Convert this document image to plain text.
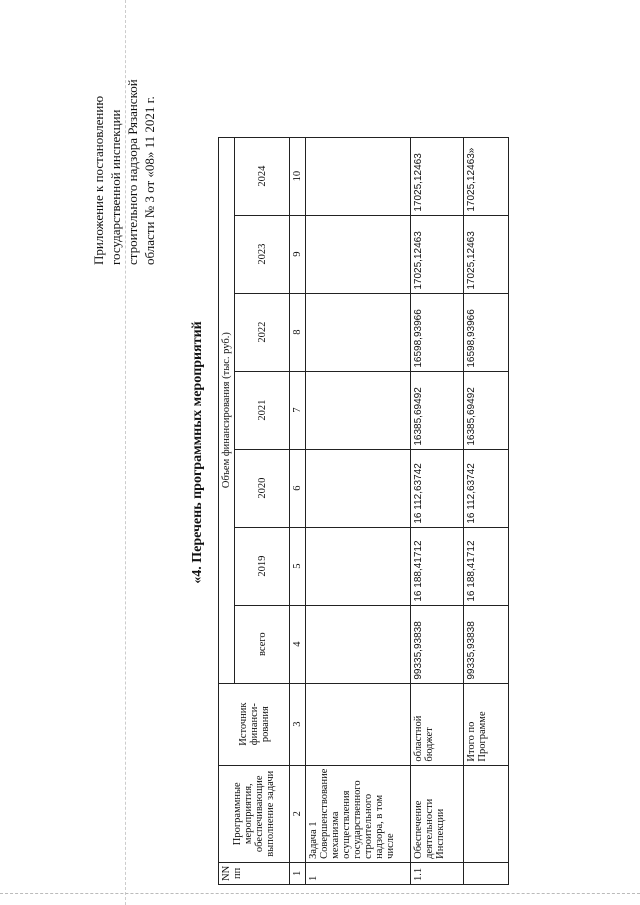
Приложение к постановлению государственной инспекции строительного надзора Рязанской области № 3 от «08» 11 2021 г.
«4. Перечень программных мероприятий
NN пп	Программные мероприятия, обеспечивающие выполнение задачи	Источник финанси- рования	Объем финансирования (тыс. руб.)						
			всего	2019	2020	2021	2022	2023	2024
1	2	3	4	5	6	7	8	9	10
1	Задача 1 Совершенствование механизма осуществления государственного строительного надзора, в том числе								
1.1	Обеспечение деятельности Инспекции	областной бюджет	99335,93838	16 188,41712	16 112,63742	16385,69492	16598,93966	17025,12463	17025,12463
		Итого по Программе	99335,93838	16 188,41712	16 112,63742	16385,69492	16598,93966	17025,12463	17025,12463»
